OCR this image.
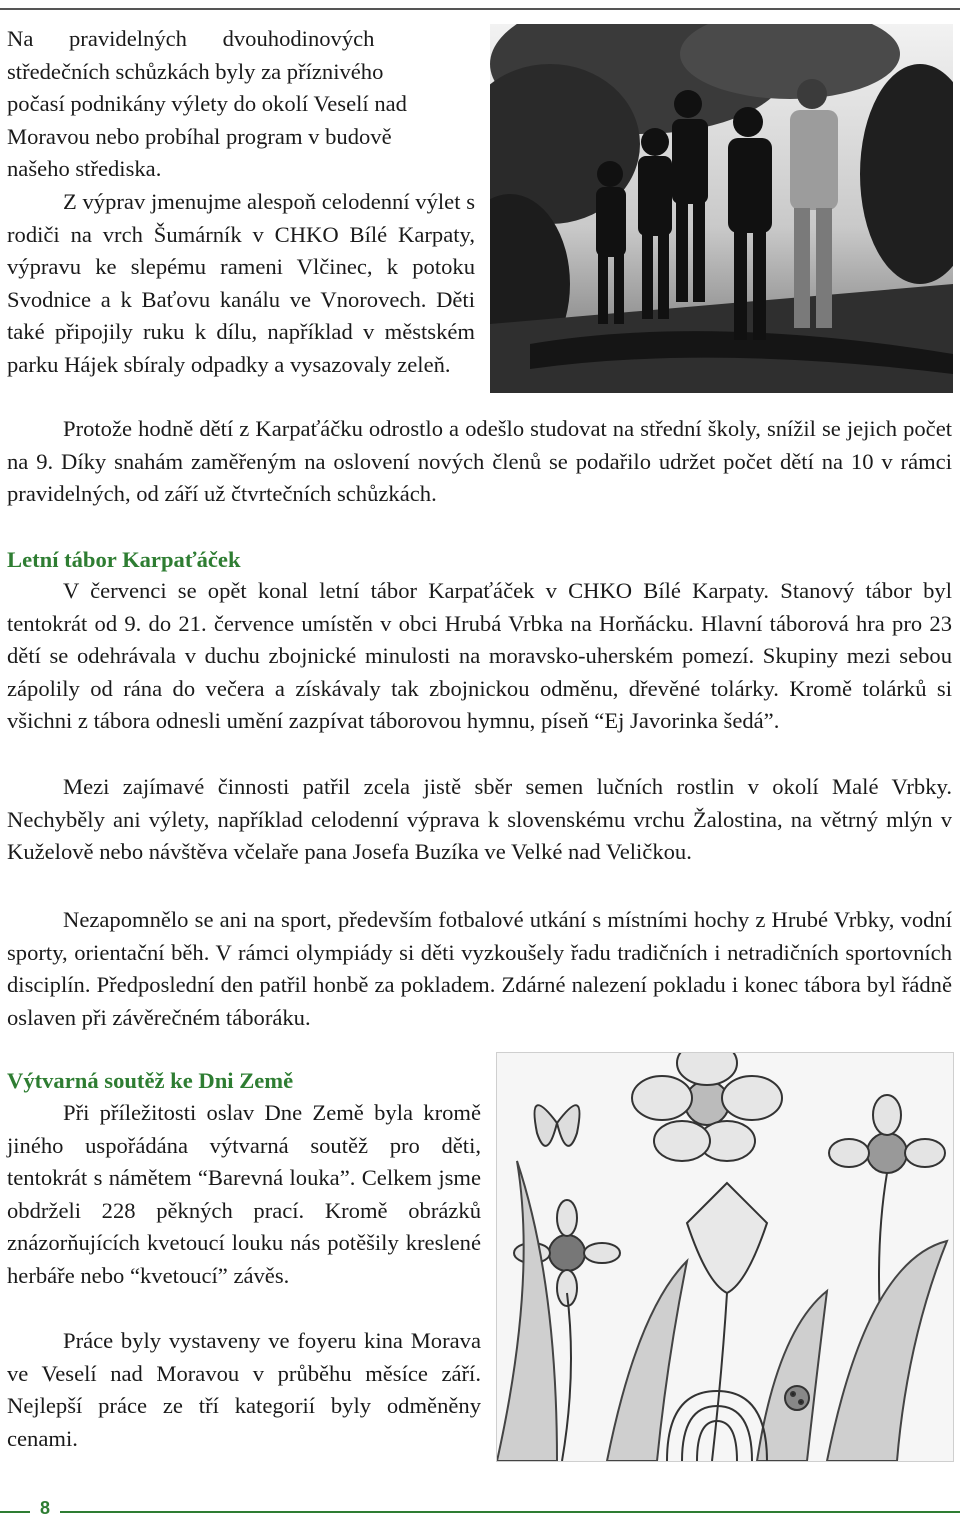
Na pravidelných dvouhodinových
středečních schůzkách byly za příznivého
počasí podnikány výlety do okolí Veselí nad
Moravou nebo probíhal program v budově
našeho střediska.

Z výprav jmenujme alespoň celodenní výlet s rodiči na vrch Šumárník v CHKO Bílé Karpaty, výpravu ke slepému rameni Vlčinec, k potoku Svodnice a k Baťovu kanálu ve Vnorovech. Děti také připojily ruku k dílu, například v městském parku Hájek sbíraly odpadky a vysazovaly zeleň.

Protože hodně dětí z Karpaťáčku odrostlo a odešlo studovat na střední školy, snížil se jejich počet na 9. Díky snahám zaměřeným na oslovení nových členů se podařilo udržet počet dětí na 10 v rámci pravidelných, od září už čtvrtečních schůzkách.

Letní tábor Karpaťáček

V červenci se opět konal letní tábor Karpaťáček v CHKO Bílé Karpaty. Stanový tábor byl tentokrát od 9. do 21. července umístěn v obci Hrubá Vrbka na Horňácku. Hlavní táborová hra pro 23 dětí se odehrávala v duchu zbojnické minulosti na moravsko-uherském pomezí. Skupiny mezi sebou zápolily od rána do večera a získávaly tak zbojnickou odměnu, dřevěné tolárky. Kromě tolárků si všichni z tábora odnesli umění zazpívat táborovou hymnu, píseň “Ej Javorinka šedá”.

Mezi zajímavé činnosti patřil zcela jistě sběr semen lučních rostlin v okolí Malé Vrbky. Nechyběly ani výlety, například celodenní výprava k slovenskému vrchu Žalostina, na větrný mlýn v Kuželově nebo návštěva včelaře pana Josefa Buzíka ve Velké nad Veličkou.

Nezapomnělo se ani na sport, především fotbalové utkání s místními hochy z Hrubé Vrbky, vodní sporty, orientační běh. V rámci olympiády si děti vyzkoušely řadu tradičních i netradičních sportovních disciplín. Předposlední den patřil honbě za pokladem. Zdárné nalezení pokladu i konec tábora byl řádně oslaven při závěrečném táboráku.

Výtvarná soutěž ke Dni Země

Při příležitosti oslav Dne Země byla kromě jiného uspořádána výtvarná soutěž pro děti, tentokrát s námětem “Barevná louka”. Celkem jsme obdrželi 228 pěkných prací. Kromě obrázků znázorňujících kvetoucí louku nás potěšily kreslené herbáře nebo “kvetoucí” závěs.

Práce byly vystaveny ve foyeru kina Morava ve Veselí nad Moravou v průběhu měsíce září. Nejlepší práce ze tří kategorií byly odměněny cenami.

8
